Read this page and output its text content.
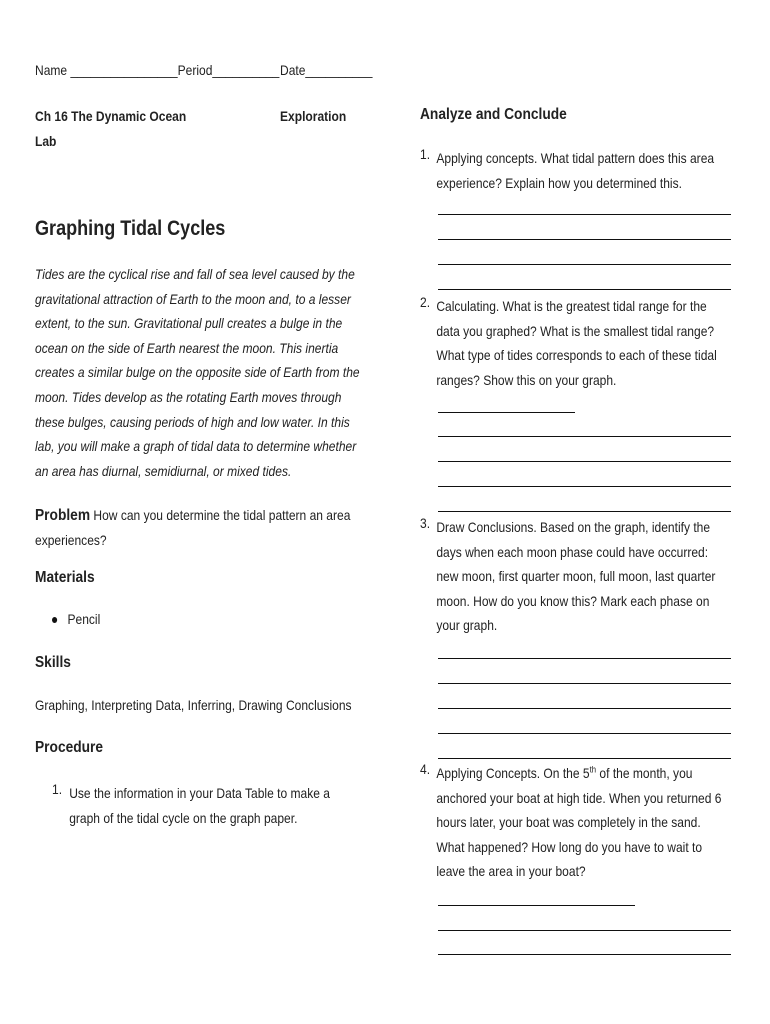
Name ________________Period__________ Date__________
Ch 16 The Dynamic Ocean
Lab
Exploration
Graphing Tidal Cycles
Tides are the cyclical rise and fall of sea level caused by the
gravitational attraction of Earth to the moon and, to a lesser
extent, to the sun. Gravitational pull creates a bulge in the
ocean on the side of Earth nearest the moon. This inertia
creates a similar bulge on the opposite side of Earth from the
moon. Tides develop as the rotating Earth moves through
these bulges, causing periods of high and low water. In this
lab, you will make a graph of tidal data to determine whether
an area has diurnal, semidiurnal, or mixed tides.
Problem How can you determine the tidal pattern an area
experiences?
Materials
Pencil
Skills
Graphing, Interpreting Data, Inferring, Drawing Conclusions
Procedure
1. Use the information in your Data Table to make a
graph of the tidal cycle on the graph paper.
Analyze and Conclude
1. Applying concepts. What tidal pattern does this area
experience? Explain how you determined this.
2. Calculating. What is the greatest tidal range for the
data you graphed? What is the smallest tidal range?
What type of tides corresponds to each of these tidal
ranges? Show this on your graph.
3. Draw Conclusions. Based on the graph, identify the
days when each moon phase could have occurred:
new moon, first quarter moon, full moon, last quarter
moon. How do you know this? Mark each phase on
your graph.
4. Applying Concepts. On the 5th of the month, you
anchored your boat at high tide. When you returned 6
hours later, your boat was completely in the sand.
What happened? How long do you have to wait to
leave the area in your boat?
